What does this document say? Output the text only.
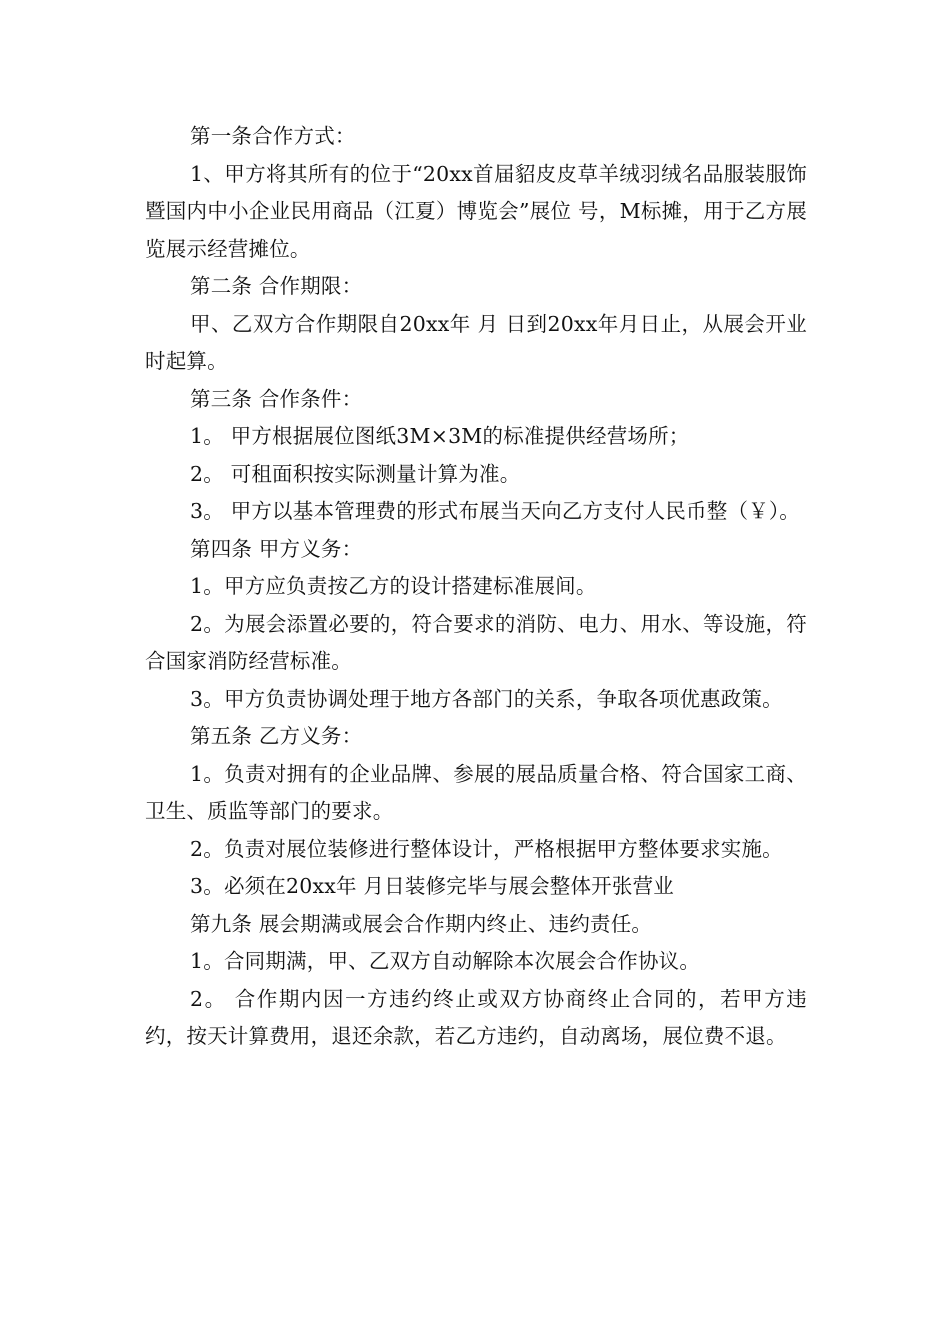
第一条合作方式：

1、甲方将其所有的位于“20xx首届貂皮皮草羊绒羽绒名品服装服饰暨国内中小企业民用商品（江夏）博览会”展位 号，M标摊，用于乙方展览展示经营摊位。

第二条 合作期限：

甲、乙双方合作期限自20xx年 月 日到20xx年月日止，从展会开业时起算。

第三条 合作条件：

1。 甲方根据展位图纸3M×3M的标准提供经营场所；

2。 可租面积按实际测量计算为准。

3。 甲方以基本管理费的形式布展当天向乙方支付人民币整（￥）。

第四条 甲方义务：

1。甲方应负责按乙方的设计搭建标准展间。

2。为展会添置必要的，符合要求的消防、电力、用水、等设施，符合国家消防经营标准。

3。甲方负责协调处理于地方各部门的关系，争取各项优惠政策。

第五条 乙方义务：

1。负责对拥有的企业品牌、参展的展品质量合格、符合国家工商、卫生、质监等部门的要求。

2。负责对展位装修进行整体设计，严格根据甲方整体要求实施。

3。必须在20xx年 月日装修完毕与展会整体开张营业

第九条 展会期满或展会合作期内终止、违约责任。

1。合同期满，甲、乙双方自动解除本次展会合作协议。

2。 合作期内因一方违约终止或双方协商终止合同的，若甲方违约，按天计算费用，退还余款，若乙方违约，自动离场，展位费不退。
